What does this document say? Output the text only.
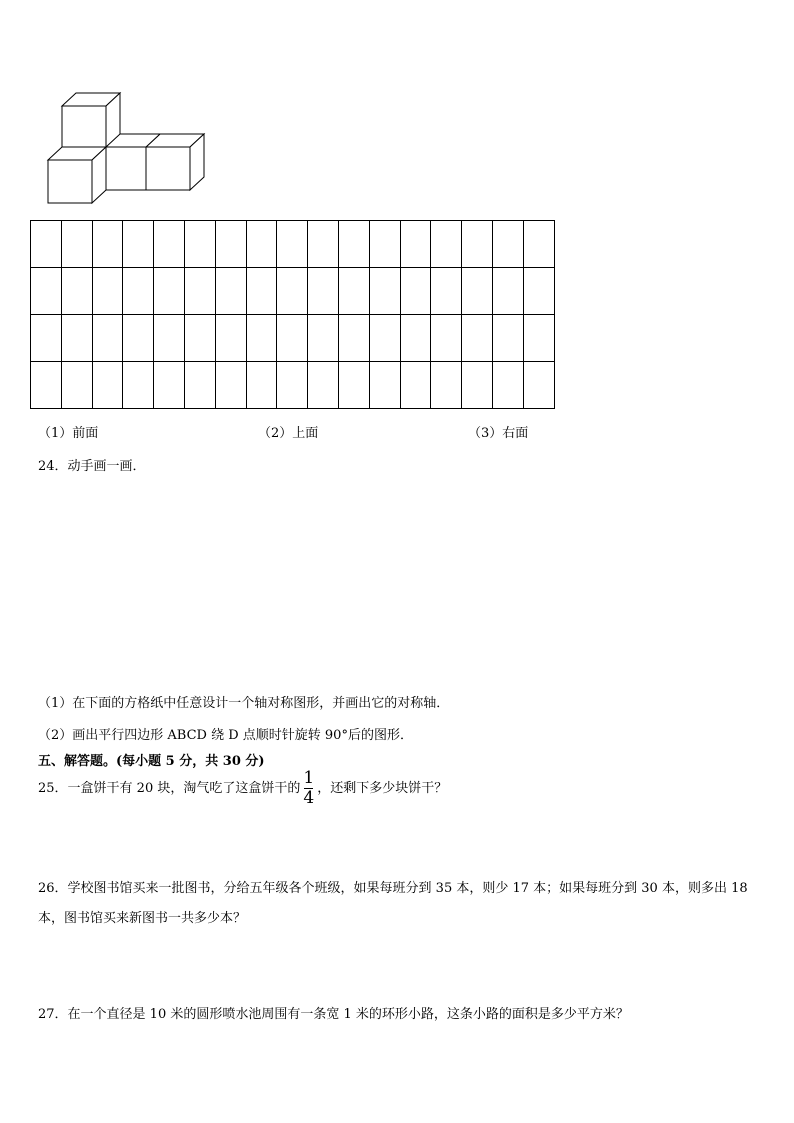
（1）前面	（2）上面	（3）右面
24．动手画一画．
（1）在下面的方格纸中任意设计一个轴对称图形，并画出它的对称轴．
（2）画出平行四边形 ABCD 绕 D 点顺时针旋转 90°后的图形．
五、解答题。(每小题 5 分，共 30 分)
25．一盒饼干有 20 块，淘气吃了这盒饼干的 $\frac{1}{4}$ ，还剩下多少块饼干？
26．学校图书馆买来一批图书，分给五年级各个班级，如果每班分到 35 本，则少 17 本；如果每班分到 30 本，则多出 18 本，图书馆买来新图书一共多少本？
27．在一个直径是 10 米的圆形喷水池周围有一条宽 1 米的环形小路，这条小路的面积是多少平方米？
